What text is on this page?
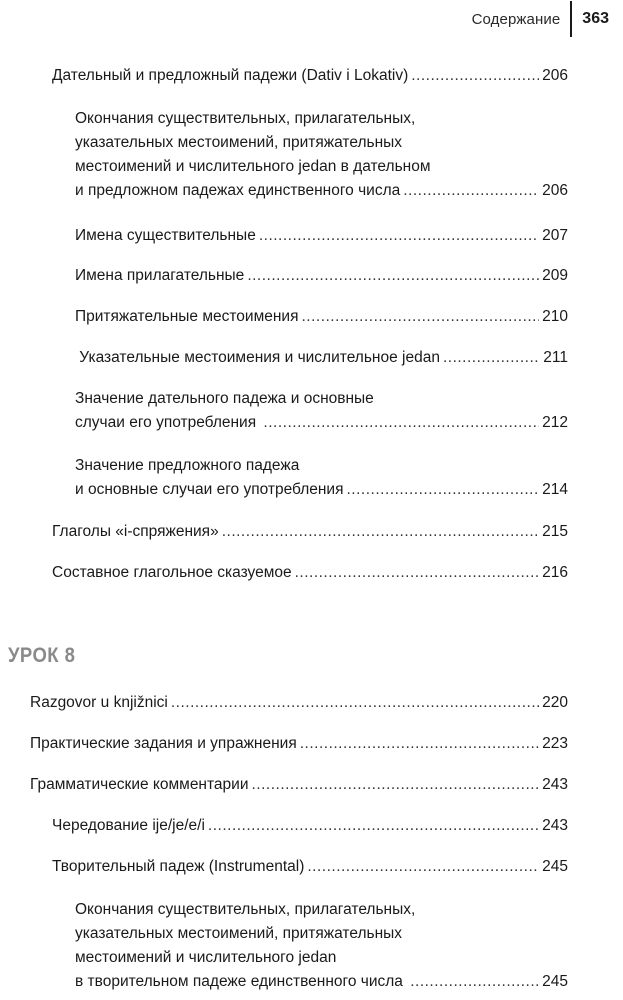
Содержание 363
Дательный и предложный падежи (Dativ i Lokativ) .....	206
Окончания существительных, прилагательных,
указательных местоимений, притяжательных
местоимений и числительного jedan в дательном
и предложном падежах единственного числа .....	206
Имена существительные .....	207
Имена прилагательные .....	209
Притяжательные местоимения .....	210
Указательные местоимения и числительное jedan .....	211
Значение дательного падежа и основные
случаи его употребления .....	212
Значение предложного падежа
и основные случаи его употребления .....	214
Глаголы «i-спряжения» .....	215
Составное глагольное сказуемое .....	216
УРОК 8
Razgovor u knjižnici .....	220
Практические задания и упражнения .....	223
Грамматические комментарии .....	243
Чередование ije/je/e/i .....	243
Творительный падеж (Instrumental) .....	245
Окончания существительных, прилагательных,
указательных местоимений, притяжательных
местоимений и числительного jedan
в творительном падеже единственного числа .....	245
